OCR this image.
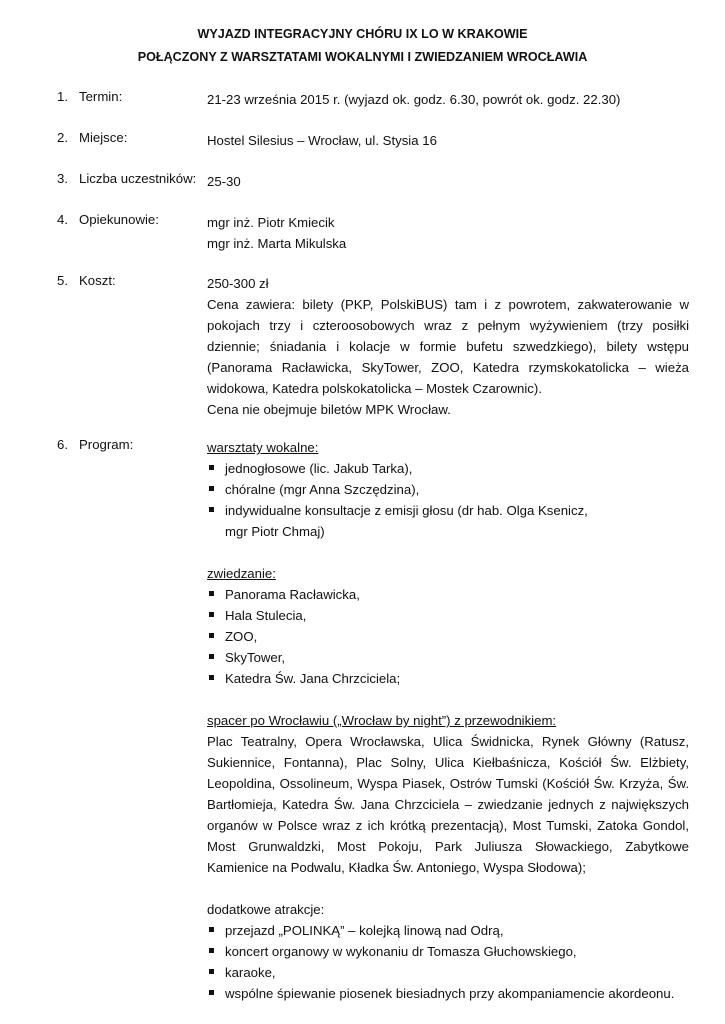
WYJAZD INTEGRACYJNY CHÓRU IX LO W KRAKOWIE
POŁĄCZONY Z WARSZTATAMI WOKALNYMI I ZWIEDZANIEM WROCŁAWIA
1. Termin:	21-23 września 2015 r. (wyjazd ok. godz. 6.30, powrót ok. godz. 22.30)
2. Miejsce:	Hostel Silesius – Wrocław, ul. Stysia 16
3. Liczba uczestników: 25-30
4. Opiekunowie:	mgr inż. Piotr Kmiecik
mgr inż. Marta Mikulska
5. Koszt:	250-300 zł
Cena zawiera: bilety (PKP, PolskiBUS) tam i z powrotem, zakwaterowanie w pokojach trzy i czteroosobowych wraz z pełnym wyżywieniem (trzy posiłki dziennie; śniadania i kolacje w formie bufetu szwedzkiego), bilety wstępu (Panorama Racławicka, SkyTower, ZOO, Katedra rzymskokatolicka – wieża widokowa, Katedra polskokatolicka – Mostek Czarownic).
Cena nie obejmuje biletów MPK Wrocław.
6. Program:	warsztaty wokalne:
jednogłosowe (lic. Jakub Tarka),
chóralne (mgr Anna Szczędzina),
indywidualne konsultacje z emisji głosu (dr hab. Olga Ksenicz,
mgr Piotr Chmaj)
zwiedzanie:
Panorama Racławicka,
Hala Stulecia,
ZOO,
SkyTower,
Katedra Św. Jana Chrzciciela;
spacer po Wrocławiu („Wrocław by night”) z przewodnikiem:
Plac Teatralny, Opera Wrocławska, Ulica Świdnicka, Rynek Główny (Ratusz, Sukiennice, Fontanna), Plac Solny, Ulica Kiełbaśnicza, Kościół Św. Elżbiety, Leopoldina, Ossolineum, Wyspa Piasek, Ostrów Tumski (Kościół Św. Krzyża, Św. Bartłomieja, Katedra Św. Jana Chrzciciela – zwiedzanie jednych z największych organów w Polsce wraz z ich krótką prezentacją), Most Tumski, Zatoka Gondol, Most Grunwaldzki, Most Pokoju, Park Juliusza Słowackiego, Zabytkowe Kamienice na Podwalu, Kładka Św. Antoniego, Wyspa Słodowa);
dodatkowe atrakcje:
przejazd „POLINKĄ” – kolejką linową nad Odrą,
koncert organowy w wykonaniu dr Tomasza Głuchowskiego,
karaoke,
wspólne śpiewanie piosenek biesiadnych przy akompaniamencie akordeonu.
